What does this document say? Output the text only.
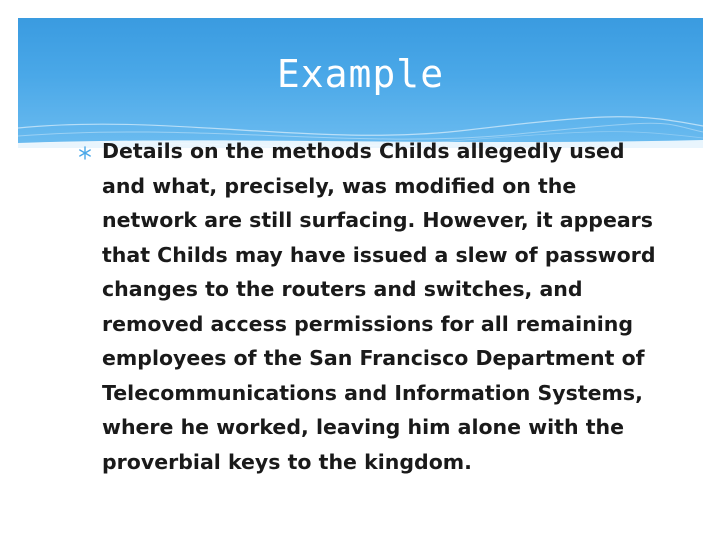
Example

Details on the methods Childs allegedly used and what, precisely, was modified on the network are still surfacing. However, it appears that Childs may have issued a slew of password changes to the routers and switches, and removed access permissions for all remaining employees of the San Francisco Department of Telecommunications and Information Systems, where he worked, leaving him alone with the proverbial keys to the kingdom.
